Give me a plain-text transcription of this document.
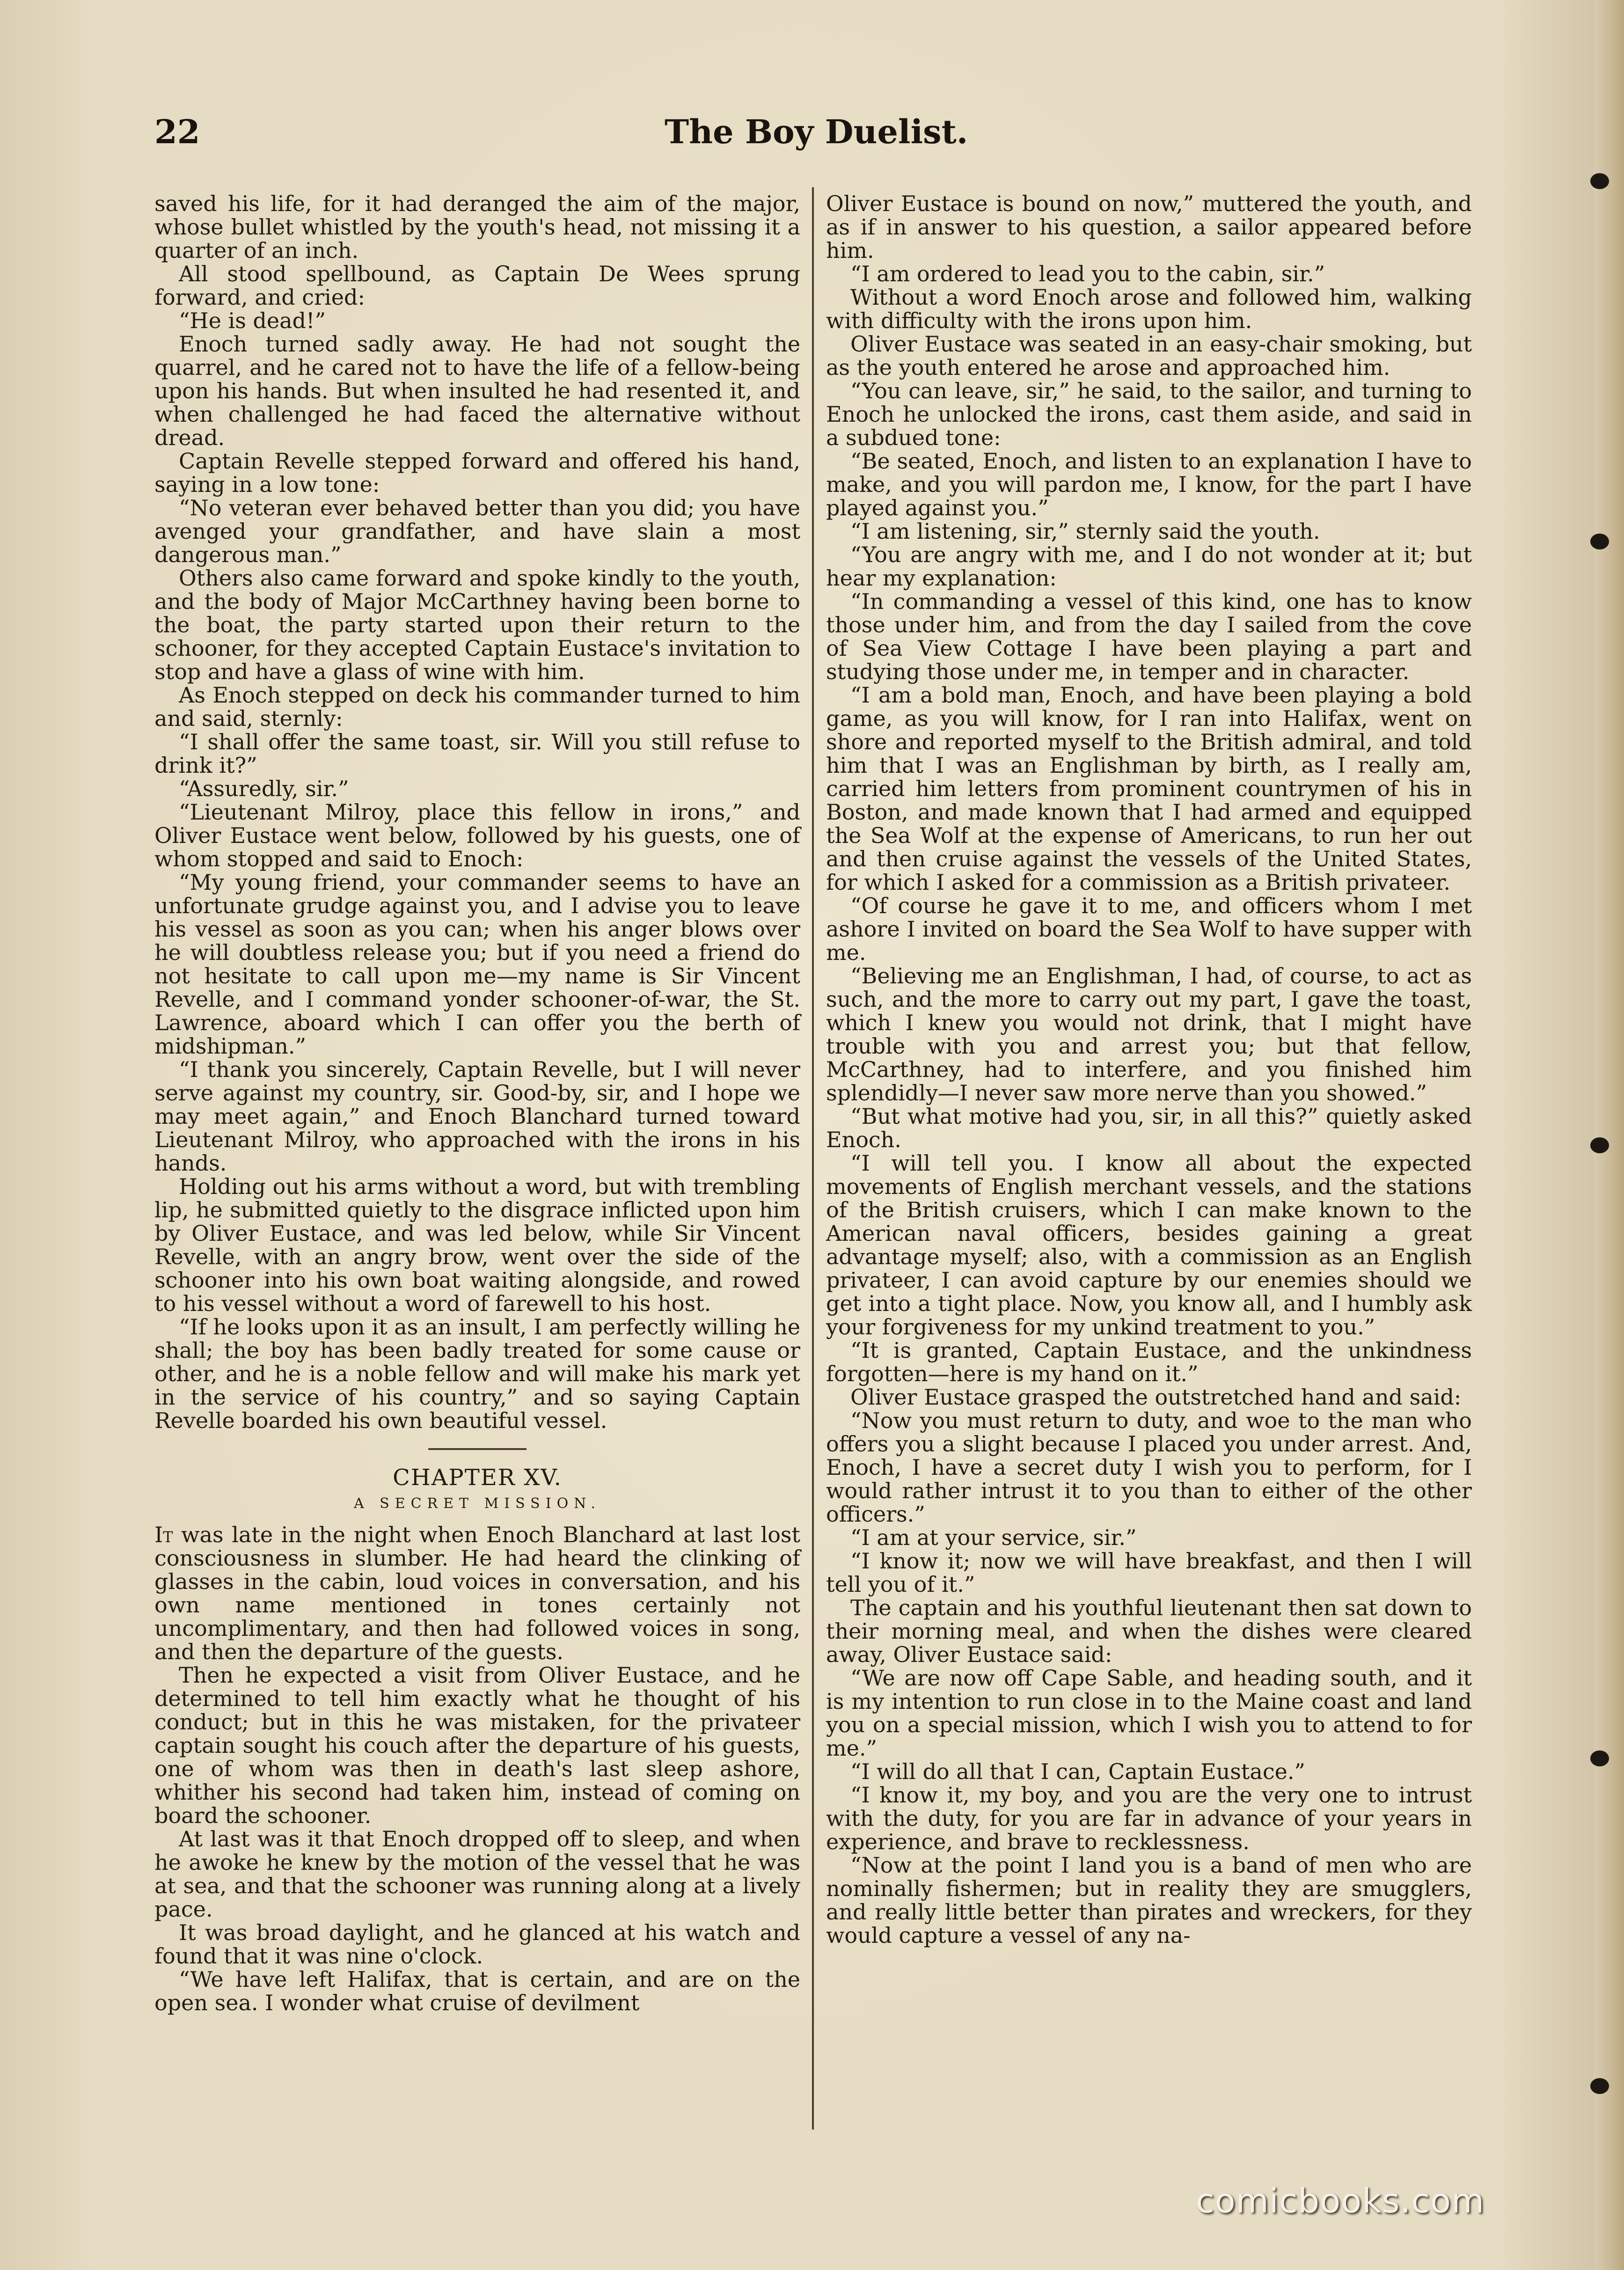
22	The Boy Duelist.

saved his life, for it had deranged the aim of the major, whose bullet whistled by the youth's head, not missing it a quarter of an inch.

All stood spellbound, as Captain De Wees sprung forward, and cried:

“He is dead!”

Enoch turned sadly away. He had not sought the quarrel, and he cared not to have the life of a fellow-being upon his hands. But when insulted he had resented it, and when challenged he had faced the alternative without dread.

Captain Revelle stepped forward and offered his hand, saying in a low tone:

“No veteran ever behaved better than you did; you have avenged your grandfather, and have slain a most dangerous man.”

Others also came forward and spoke kindly to the youth, and the body of Major McCarthney having been borne to the boat, the party started upon their return to the schooner, for they accepted Captain Eustace's invitation to stop and have a glass of wine with him.

As Enoch stepped on deck his commander turned to him and said, sternly:

“I shall offer the same toast, sir. Will you still refuse to drink it?”

“Assuredly, sir.”

“Lieutenant Milroy, place this fellow in irons,” and Oliver Eustace went below, followed by his guests, one of whom stopped and said to Enoch:

“My young friend, your commander seems to have an unfortunate grudge against you, and I advise you to leave his vessel as soon as you can; when his anger blows over he will doubtless release you; but if you need a friend do not hesitate to call upon me—my name is Sir Vincent Revelle, and I command yonder schooner-of-war, the St. Lawrence, aboard which I can offer you the berth of midshipman.”

“I thank you sincerely, Captain Revelle, but I will never serve against my country, sir. Good-by, sir, and I hope we may meet again,” and Enoch Blanchard turned toward Lieutenant Milroy, who approached with the irons in his hands.

Holding out his arms without a word, but with trembling lip, he submitted quietly to the disgrace inflicted upon him by Oliver Eustace, and was led below, while Sir Vincent Revelle, with an angry brow, went over the side of the schooner into his own boat waiting alongside, and rowed to his vessel without a word of farewell to his host.

“If he looks upon it as an insult, I am perfectly willing he shall; the boy has been badly treated for some cause or other, and he is a noble fellow and will make his mark yet in the service of his country,” and so saying Captain Revelle boarded his own beautiful vessel.

CHAPTER XV.
A SECRET MISSION.

It was late in the night when Enoch Blanchard at last lost consciousness in slumber. He had heard the clinking of glasses in the cabin, loud voices in conversation, and his own name mentioned in tones certainly not uncomplimentary, and then had followed voices in song, and then the departure of the guests.

Then he expected a visit from Oliver Eustace, and he determined to tell him exactly what he thought of his conduct; but in this he was mistaken, for the privateer captain sought his couch after the departure of his guests, one of whom was then in death's last sleep ashore, whither his second had taken him, instead of coming on board the schooner.

At last was it that Enoch dropped off to sleep, and when he awoke he knew by the motion of the vessel that he was at sea, and that the schooner was running along at a lively pace.

It was broad daylight, and he glanced at his watch and found that it was nine o'clock.

“We have left Halifax, that is certain, and are on the open sea. I wonder what cruise of devilment

Oliver Eustace is bound on now,” muttered the youth, and as if in answer to his question, a sailor appeared before him.

“I am ordered to lead you to the cabin, sir.”

Without a word Enoch arose and followed him, walking with difficulty with the irons upon him.

Oliver Eustace was seated in an easy-chair smoking, but as the youth entered he arose and approached him.

“You can leave, sir,” he said, to the sailor, and turning to Enoch he unlocked the irons, cast them aside, and said in a subdued tone:

“Be seated, Enoch, and listen to an explanation I have to make, and you will pardon me, I know, for the part I have played against you.”

“I am listening, sir,” sternly said the youth.

“You are angry with me, and I do not wonder at it; but hear my explanation:

“In commanding a vessel of this kind, one has to know those under him, and from the day I sailed from the cove of Sea View Cottage I have been playing a part and studying those under me, in temper and in character.

“I am a bold man, Enoch, and have been playing a bold game, as you will know, for I ran into Halifax, went on shore and reported myself to the British admiral, and told him that I was an Englishman by birth, as I really am, carried him letters from prominent countrymen of his in Boston, and made known that I had armed and equipped the Sea Wolf at the expense of Americans, to run her out and then cruise against the vessels of the United States, for which I asked for a commission as a British privateer.

“Of course he gave it to me, and officers whom I met ashore I invited on board the Sea Wolf to have supper with me.

“Believing me an Englishman, I had, of course, to act as such, and the more to carry out my part, I gave the toast, which I knew you would not drink, that I might have trouble with you and arrest you; but that fellow, McCarthney, had to interfere, and you finished him splendidly—I never saw more nerve than you showed.”

“But what motive had you, sir, in all this?” quietly asked Enoch.

“I will tell you. I know all about the expected movements of English merchant vessels, and the stations of the British cruisers, which I can make known to the American naval officers, besides gaining a great advantage myself; also, with a commission as an English privateer, I can avoid capture by our enemies should we get into a tight place. Now, you know all, and I humbly ask your forgiveness for my unkind treatment to you.”

“It is granted, Captain Eustace, and the unkindness forgotten—here is my hand on it.”

Oliver Eustace grasped the outstretched hand and said:

“Now you must return to duty, and woe to the man who offers you a slight because I placed you under arrest. And, Enoch, I have a secret duty I wish you to perform, for I would rather intrust it to you than to either of the other officers.”

“I am at your service, sir.”

“I know it; now we will have breakfast, and then I will tell you of it.”

The captain and his youthful lieutenant then sat down to their morning meal, and when the dishes were cleared away, Oliver Eustace said:

“We are now off Cape Sable, and heading south, and it is my intention to run close in to the Maine coast and land you on a special mission, which I wish you to attend to for me.”

“I will do all that I can, Captain Eustace.”

“I know it, my boy, and you are the very one to intrust with the duty, for you are far in advance of your years in experience, and brave to recklessness.

“Now at the point I land you is a band of men who are nominally fishermen; but in reality they are smugglers, and really little better than pirates and wreckers, for they would capture a vessel of any na-

comicbooks.com
